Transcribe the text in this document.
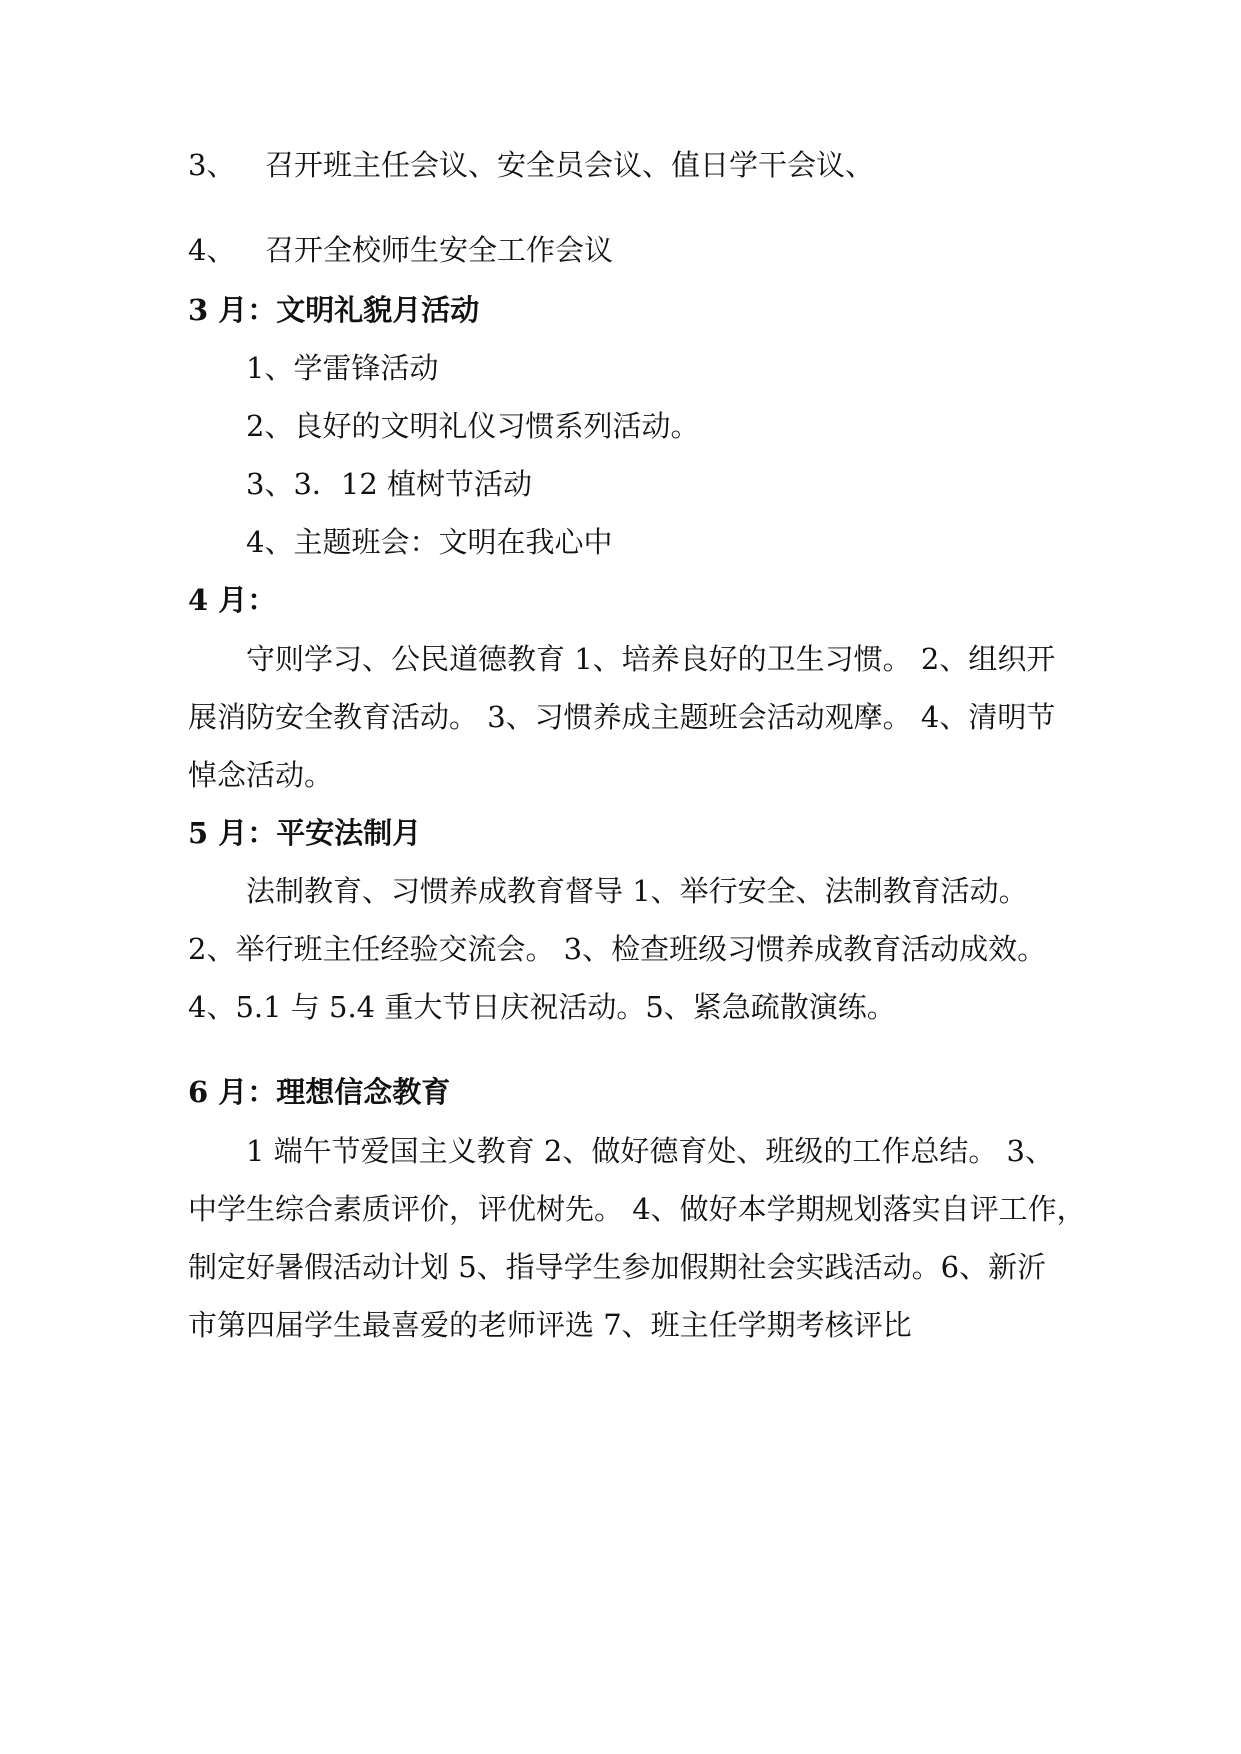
3、 召开班主任会议、安全员会议、值日学干会议、
4、 召开全校师生安全工作会议
3 月：文明礼貌月活动
1、学雷锋活动
2、良好的文明礼仪习惯系列活动。
3、3．12 植树节活动
4、主题班会：文明在我心中
4 月：
守则学习、公民道德教育 1、培养良好的卫生习惯。 2、组织开
展消防安全教育活动。 3、习惯养成主题班会活动观摩。 4、清明节
悼念活动。
5 月：平安法制月
法制教育、习惯养成教育督导 1、举行安全、法制教育活动。
2、举行班主任经验交流会。 3、检查班级习惯养成教育活动成效。
4、5.1 与 5.4 重大节日庆祝活动。5、紧急疏散演练。
6 月：理想信念教育
1 端午节爱国主义教育 2、做好德育处、班级的工作总结。 3、
中学生综合素质评价，评优树先。 4、做好本学期规划落实自评工作，
制定好暑假活动计划 5、指导学生参加假期社会实践活动。6、新沂
市第四届学生最喜爱的老师评选 7、班主任学期考核评比
